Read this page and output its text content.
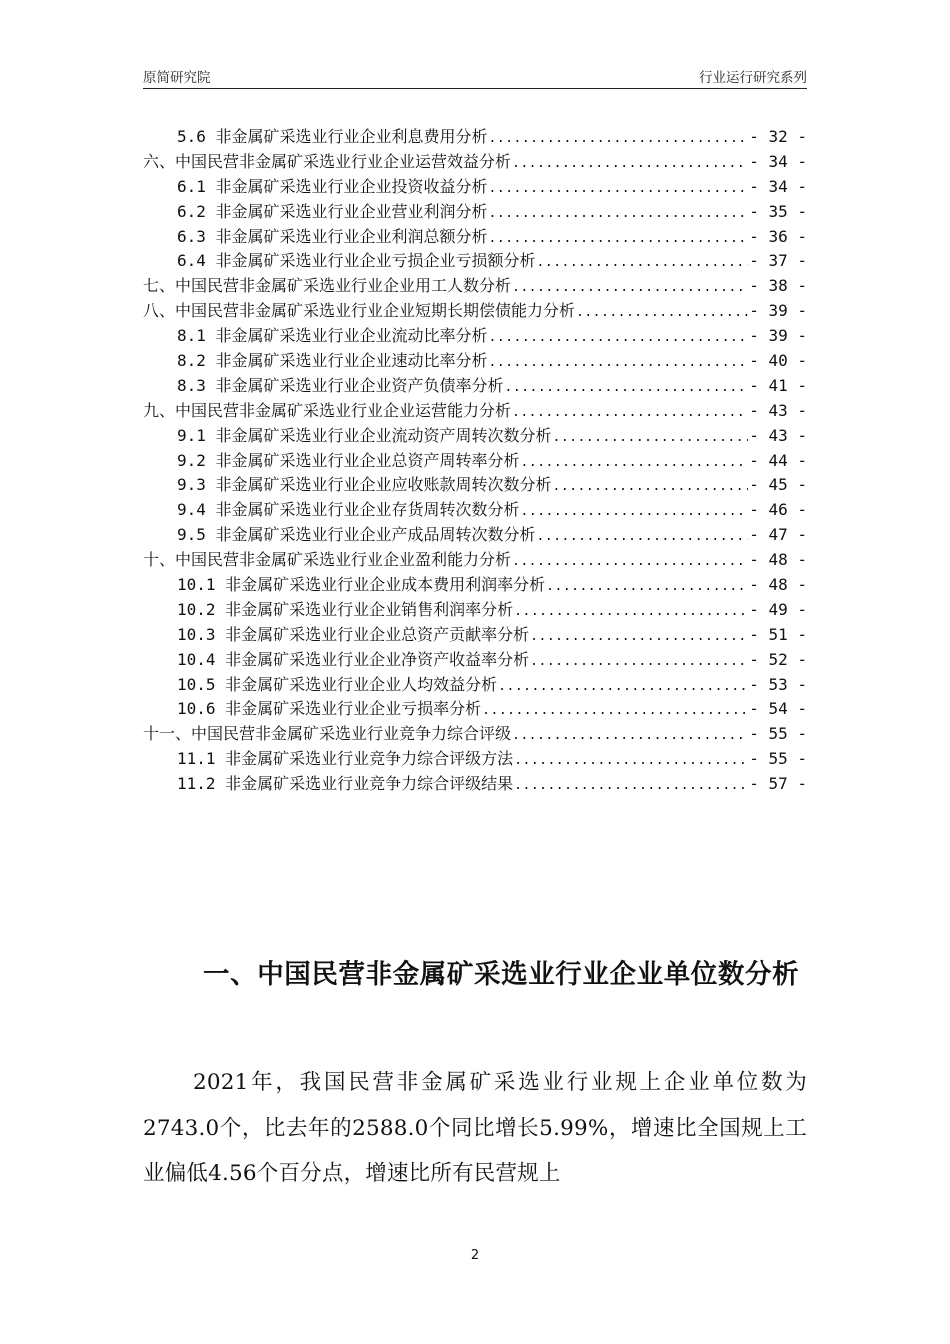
原简研究院	行业运行研究系列
5.6 非金属矿采选业行业企业利息费用分析 .....	- 32 -
六、中国民营非金属矿采选业行业企业运营效益分析 .....	- 34 -
6.1 非金属矿采选业行业企业投资收益分析 .....	- 34 -
6.2 非金属矿采选业行业企业营业利润分析 .....	- 35 -
6.3 非金属矿采选业行业企业利润总额分析 .....	- 36 -
6.4 非金属矿采选业行业企业亏损企业亏损额分析 .....	- 37 -
七、中国民营非金属矿采选业行业企业用工人数分析 .....	- 38 -
八、中国民营非金属矿采选业行业企业短期长期偿债能力分析 .....	- 39 -
8.1 非金属矿采选业行业企业流动比率分析 .....	- 39 -
8.2 非金属矿采选业行业企业速动比率分析 .....	- 40 -
8.3 非金属矿采选业行业企业资产负债率分析 .....	- 41 -
九、中国民营非金属矿采选业行业企业运营能力分析 .....	- 43 -
9.1 非金属矿采选业行业企业流动资产周转次数分析 .....	- 43 -
9.2 非金属矿采选业行业企业总资产周转率分析 .....	- 44 -
9.3 非金属矿采选业行业企业应收账款周转次数分析 .....	- 45 -
9.4 非金属矿采选业行业企业存货周转次数分析 .....	- 46 -
9.5 非金属矿采选业行业企业产成品周转次数分析 .....	- 47 -
十、中国民营非金属矿采选业行业企业盈利能力分析 .....	- 48 -
10.1 非金属矿采选业行业企业成本费用利润率分析 .....	- 48 -
10.2 非金属矿采选业行业企业销售利润率分析 .....	- 49 -
10.3 非金属矿采选业行业企业总资产贡献率分析 .....	- 51 -
10.4 非金属矿采选业行业企业净资产收益率分析 .....	- 52 -
10.5 非金属矿采选业行业企业人均效益分析 .....	- 53 -
10.6 非金属矿采选业行业企业亏损率分析 .....	- 54 -
十一、中国民营非金属矿采选业行业竞争力综合评级 .....	- 55 -
11.1 非金属矿采选业行业竞争力综合评级方法 .....	- 55 -
11.2 非金属矿采选业行业竞争力综合评级结果 .....	- 57 -
一、中国民营非金属矿采选业行业企业单位数分析
2021年，我国民营非金属矿采选业行业规上企业单位数为2743.0个，比去年的2588.0个同比增长5.99%，增速比全国规上工业偏低4.56个百分点，增速比所有民营规上
2
